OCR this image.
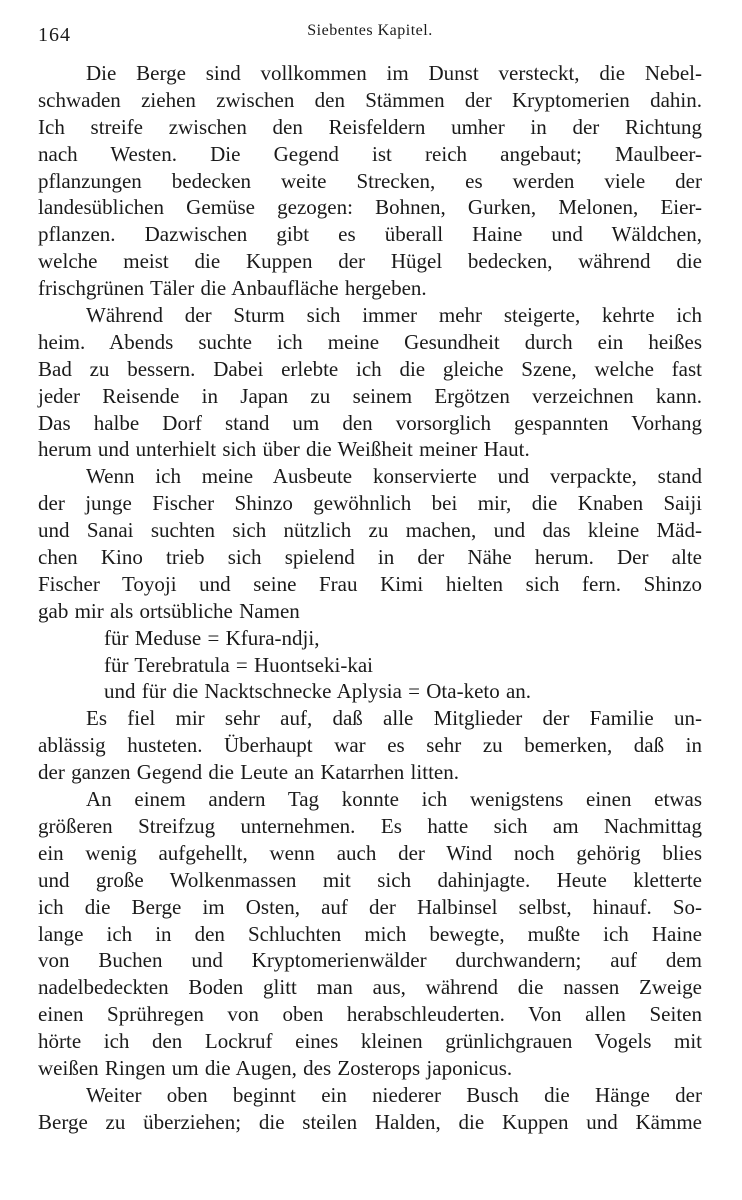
164	Siebentes Kapitel.
Die Berge sind vollkommen im Dunst versteckt, die Nebel-
schwaden ziehen zwischen den Stämmen der Kryptomerien dahin.
Ich streife zwischen den Reisfeldern umher in der Richtung
nach Westen. Die Gegend ist reich angebaut; Maulbeer-
pflanzungen bedecken weite Strecken, es werden viele der
landesüblichen Gemüse gezogen: Bohnen, Gurken, Melonen, Eier-
pflanzen. Dazwischen gibt es überall Haine und Wäldchen,
welche meist die Kuppen der Hügel bedecken, während die
frischgrünen Täler die Anbaufläche hergeben.
Während der Sturm sich immer mehr steigerte, kehrte ich
heim. Abends suchte ich meine Gesundheit durch ein heißes
Bad zu bessern. Dabei erlebte ich die gleiche Szene, welche fast
jeder Reisende in Japan zu seinem Ergötzen verzeichnen kann.
Das halbe Dorf stand um den vorsorglich gespannten Vorhang
herum und unterhielt sich über die Weißheit meiner Haut.
Wenn ich meine Ausbeute konservierte und verpackte, stand
der junge Fischer Shinzo gewöhnlich bei mir, die Knaben Saiji
und Sanai suchten sich nützlich zu machen, und das kleine Mäd-
chen Kino trieb sich spielend in der Nähe herum. Der alte
Fischer Toyoji und seine Frau Kimi hielten sich fern. Shinzo
gab mir als ortsübliche Namen
für Meduse = Kfura-ndji,
für Terebratula = Huontseki-kai
und für die Nacktschnecke Aplysia = Ota-keto an.
Es fiel mir sehr auf, daß alle Mitglieder der Familie un-
ablässig husteten. Überhaupt war es sehr zu bemerken, daß in
der ganzen Gegend die Leute an Katarrhen litten.
An einem andern Tag konnte ich wenigstens einen etwas
größeren Streifzug unternehmen. Es hatte sich am Nachmittag
ein wenig aufgehellt, wenn auch der Wind noch gehörig blies
und große Wolkenmassen mit sich dahinjagte. Heute kletterte
ich die Berge im Osten, auf der Halbinsel selbst, hinauf. So-
lange ich in den Schluchten mich bewegte, mußte ich Haine
von Buchen und Kryptomerienwälder durchwandern; auf dem
nadelbedeckten Boden glitt man aus, während die nassen Zweige
einen Sprühregen von oben herabschleuderten. Von allen Seiten
hörte ich den Lockruf eines kleinen grünlichgrauen Vogels mit
weißen Ringen um die Augen, des Zosterops japonicus.
Weiter oben beginnt ein niederer Busch die Hänge der
Berge zu überziehen; die steilen Halden, die Kuppen und Kämme
